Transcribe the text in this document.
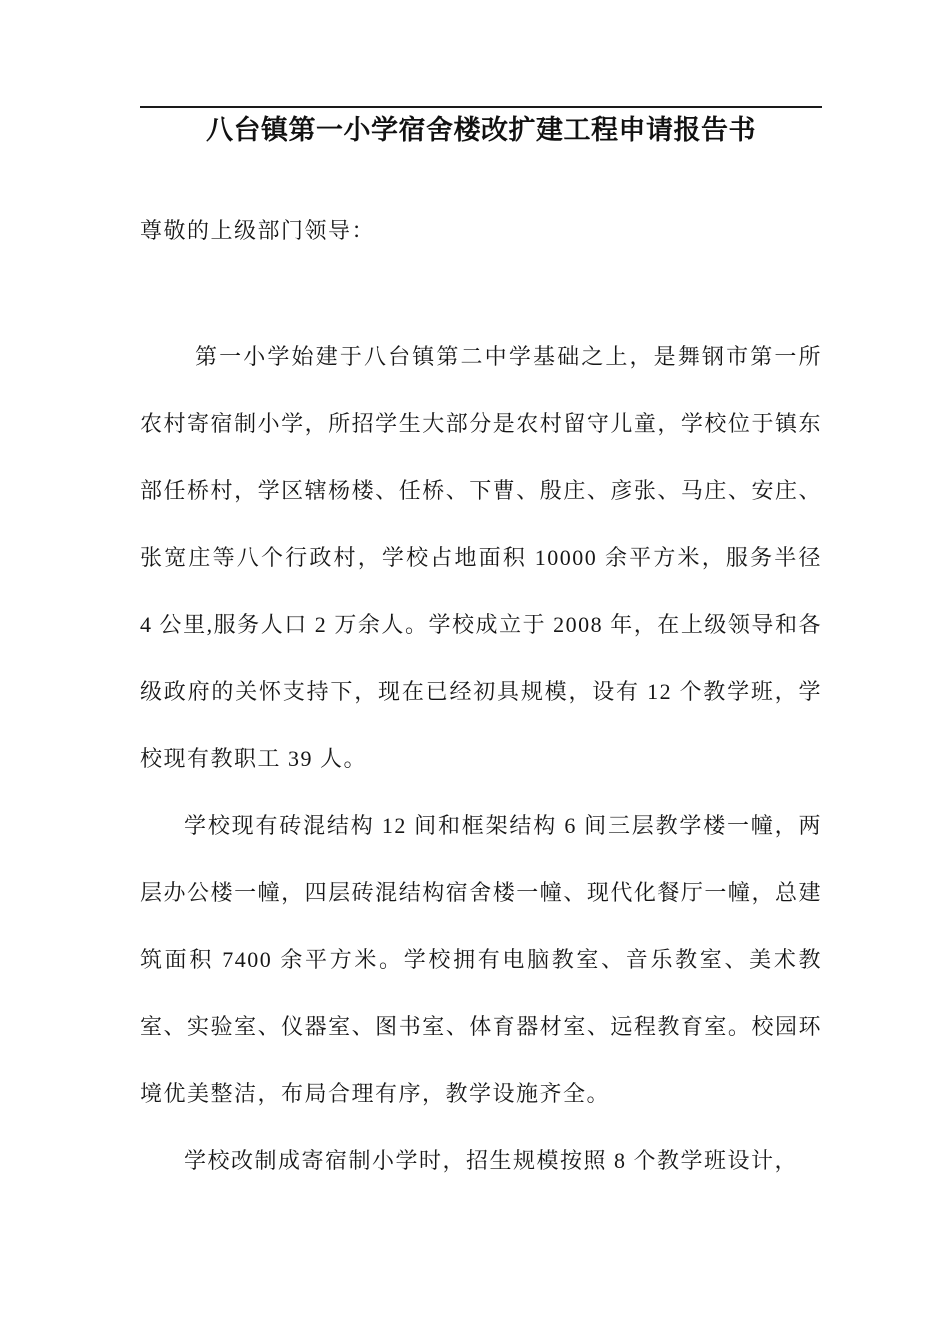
八台镇第一小学宿舍楼改扩建工程申请报告书

尊敬的上级部门领导：

第一小学始建于八台镇第二中学基础之上，是舞钢市第一所农村寄宿制小学，所招学生大部分是农村留守儿童，学校位于镇东部任桥村，学区辖杨楼、任桥、下曹、殷庄、彦张、马庄、安庄、张宽庄等八个行政村，学校占地面积 10000 余平方米，服务半径 4 公里,服务人口 2 万余人。学校成立于 2008 年，在上级领导和各级政府的关怀支持下，现在已经初具规模，设有 12 个教学班，学校现有教职工 39 人。

学校现有砖混结构 12 间和框架结构 6 间三层教学楼一幢，两层办公楼一幢，四层砖混结构宿舍楼一幢、现代化餐厅一幢，总建筑面积 7400 余平方米。学校拥有电脑教室、音乐教室、美术教室、实验室、仪器室、图书室、体育器材室、远程教育室。校园环境优美整洁，布局合理有序，教学设施齐全。

学校改制成寄宿制小学时，招生规模按照 8 个教学班设计，
